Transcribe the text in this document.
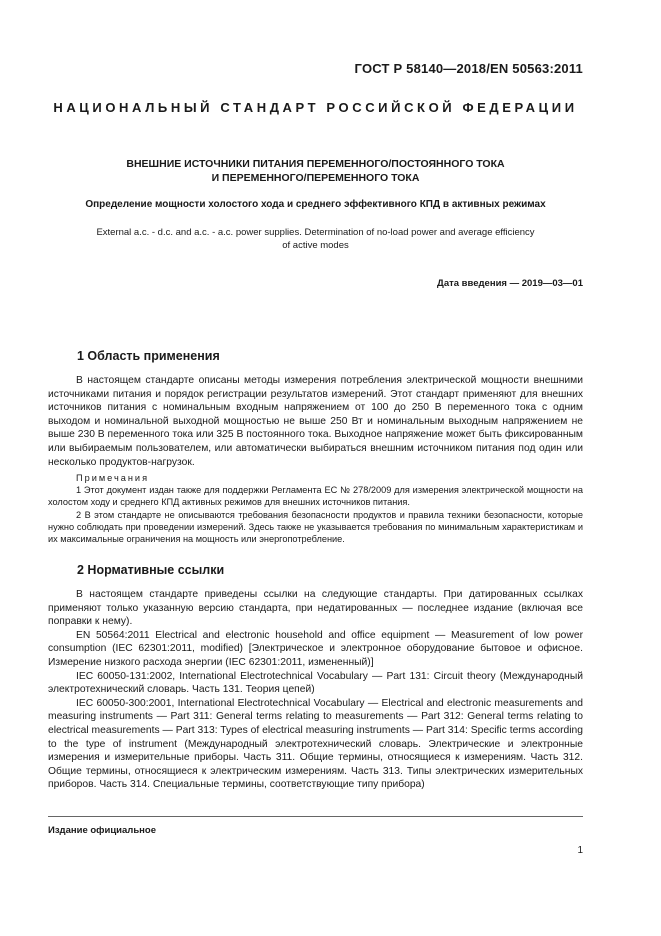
ГОСТ Р 58140—2018/EN 50563:2011
НАЦИОНАЛЬНЫЙ СТАНДАРТ РОССИЙСКОЙ ФЕДЕРАЦИИ
ВНЕШНИЕ ИСТОЧНИКИ ПИТАНИЯ ПЕРЕМЕННОГО/ПОСТОЯННОГО ТОКА
И ПЕРЕМЕННОГО/ПЕРЕМЕННОГО ТОКА
Определение мощности холостого хода и среднего эффективного КПД в активных режимах
External a.c. - d.c. and a.c. - a.c. power supplies. Determination of no-load power and average efficiency
of active modes
Дата введения — 2019—03—01
1 Область применения

В настоящем стандарте описаны методы измерения потребления электрической мощности внешними источниками питания и порядок регистрации результатов измерений. Этот стандарт применяют для внешних источников питания с номинальным входным напряжением от 100 до 250 В переменного тока с одним выходом и номинальной выходной мощностью не выше 250 Вт и номинальным выходным напряжением не выше 230 В переменного тока или 325 В постоянного тока. Выходное напряжение может быть фиксированным или выбираемым пользователем, или автоматически выбираться внешним источником питания под один или несколько продуктов-нагрузок.

Примечания

1 Этот документ издан также для поддержки Регламента ЕС № 278/2009 для измерения электрической мощности на холостом ходу и среднего КПД активных режимов для внешних источников питания.

2 В этом стандарте не описываются требования безопасности продуктов и правила техники безопасности, которые нужно соблюдать при проведении измерений. Здесь также не указывается требования по минимальным характеристикам и их максимальные ограничения на мощность или энергопотребление.

2 Нормативные ссылки

В настоящем стандарте приведены ссылки на следующие стандарты. При датированных ссылках применяют только указанную версию стандарта, при недатированных — последнее издание (включая все поправки к нему).

EN 50564:2011 Electrical and electronic household and office equipment — Measurement of low power consumption (IEC 62301:2011, modified) [Электрическое и электронное оборудование бытовое и офисное. Измерение низкого расхода энергии (IEC 62301:2011, измененный)]

IEC 60050-131:2002, International Electrotechnical Vocabulary — Part 131: Circuit theory (Международный электротехнический словарь. Часть 131. Теория цепей)

IEC 60050-300:2001, International Electrotechnical Vocabulary — Electrical and electronic measurements and measuring instruments — Part 311: General terms relating to measurements — Part 312: General terms relating to electrical measurements — Part 313: Types of electrical measuring instruments — Part 314: Specific terms according to the type of instrument (Международный электротехнический словарь. Электрические и электронные измерения и измерительные приборы. Часть 311. Общие термины, относящиеся к измерениям. Часть 312. Общие термины, относящиеся к электрическим измерениям. Часть 313. Типы электрических измерительных приборов. Часть 314. Специальные термины, соответствующие типу прибора)

Издание официальное
1
